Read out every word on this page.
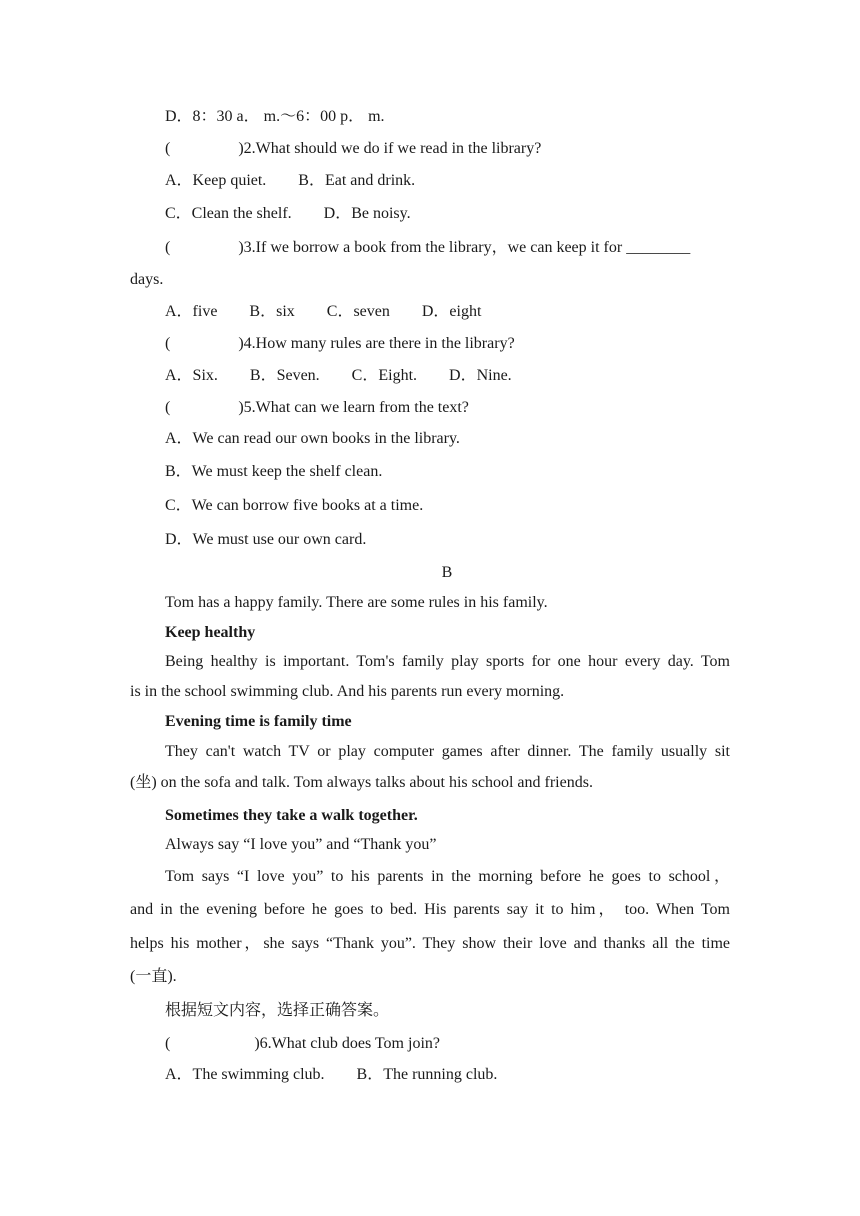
D．8：30 a． m.～6：00 p． m.
(                 )2.What should we do if we read in the library?
A．Keep quiet.        B．Eat and drink.
C．Clean the shelf.        D．Be noisy.
(                 )3.If we borrow a book from the library，we can keep it for ________
days.
A．five        B．six        C．seven        D．eight
(                 )4.How many rules are there in the library?
A．Six.        B．Seven.        C．Eight.        D．Nine.
(                 )5.What can we learn from the text?
A．We can read our own books in the library.
B．We must keep the shelf clean.
C．We can borrow five books at a time.
D．We must use our own card.
B
Tom has a happy family. There are some rules in his family.
Keep healthy
Being healthy is important. Tom's family play sports for one hour every day. Tom
is in the school swimming club. And his parents run every morning.
Evening time is family time
They can't watch TV or play computer games after dinner. The family usually sit
(坐) on the sofa and talk. Tom always talks about his school and friends.
Sometimes they take a walk together.
Always say “I love you” and “Thank you”
Tom says “I love you” to his parents in the morning before he goes to school，
and in the evening before he goes to bed. His parents say it to him， too. When Tom
helps his mother，she says “Thank you”. They show their love and thanks all the time
(一直).
根据短文内容，选择正确答案。
(                     )6.What club does Tom join?
A．The swimming club.        B．The running club.
